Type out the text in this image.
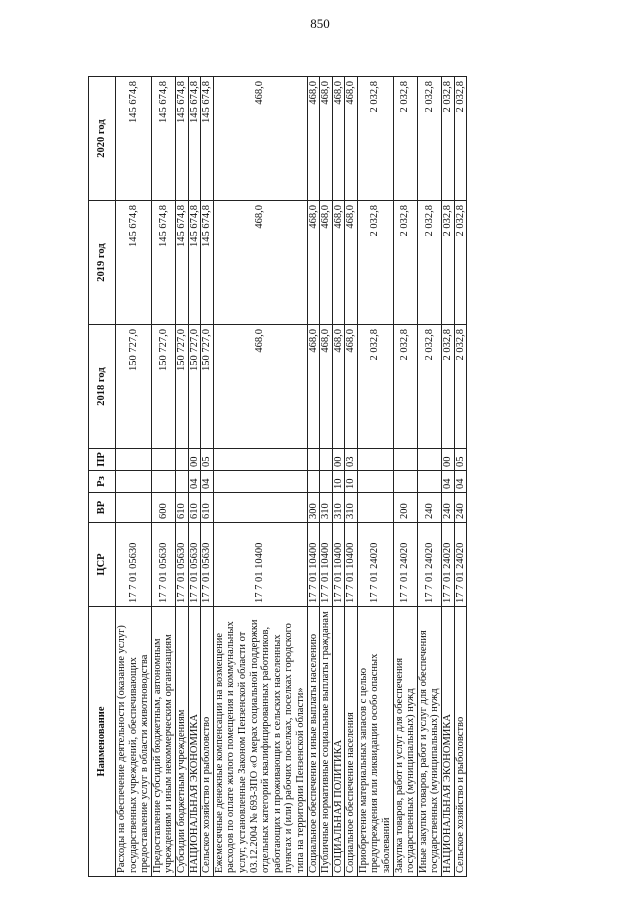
850
Наименование	ЦСР	ВР	Рз	ПР	2018 год	2019 год	2020 год
Расходы на обеспечение деятельности (оказание услуг) государственных учреждений, обеспечивающих предоставление услуг в области животноводства	17 7 01 05630				150 727,0	145 674,8	145 674,8
Предоставление субсидий бюджетным, автономным учреждениям и иным некоммерческим организациям	17 7 01 05630	600			150 727,0	145 674,8	145 674,8
Субсидии бюджетным учреждениям	17 7 01 05630	610			150 727,0	145 674,8	145 674,8
НАЦИОНАЛЬНАЯ ЭКОНОМИКА	17 7 01 05630	610	04	00	150 727,0	145 674,8	145 674,8
Сельское хозяйство и рыболовство	17 7 01 05630	610	04	05	150 727,0	145 674,8	145 674,8
Ежемесячные денежные компенсации на возмещение расходов по оплате жилого помещения и коммунальных услуг, установленные Законом Пензенской области от 03.12.2004 № 693-ЗПО «О мерах социальной поддержки отдельных категорий квалифицированных работников, работающих и проживающих в сельских населенных пунктах и (или) рабочих поселках, поселках городского типа на территории Пензенской области»	17 7 01 10400				468,0	468,0	468,0
Социальное обеспечение и иные выплаты населению	17 7 01 10400	300			468,0	468,0	468,0
Публичные нормативные социальные выплаты гражданам	17 7 01 10400	310			468,0	468,0	468,0
СОЦИАЛЬНАЯ ПОЛИТИКА	17 7 01 10400	310	10	00	468,0	468,0	468,0
Социальное обеспечение населения	17 7 01 10400	310	10	03	468,0	468,0	468,0
Приобретение материальных запасов с целью предупреждения или ликвидации особо опасных заболеваний	17 7 01 24020				2 032,8	2 032,8	2 032,8
Закупка товаров, работ и услуг для обеспечения государственных (муниципальных) нужд	17 7 01 24020	200			2 032,8	2 032,8	2 032,8
Иные закупки товаров, работ и услуг для обеспечения государственных (муниципальных) нужд	17 7 01 24020	240			2 032,8	2 032,8	2 032,8
НАЦИОНАЛЬНАЯ ЭКОНОМИКА	17 7 01 24020	240	04	00	2 032,8	2 032,8	2 032,8
Сельское хозяйство и рыболовство	17 7 01 24020	240	04	05	2 032,8	2 032,8	2 032,8
